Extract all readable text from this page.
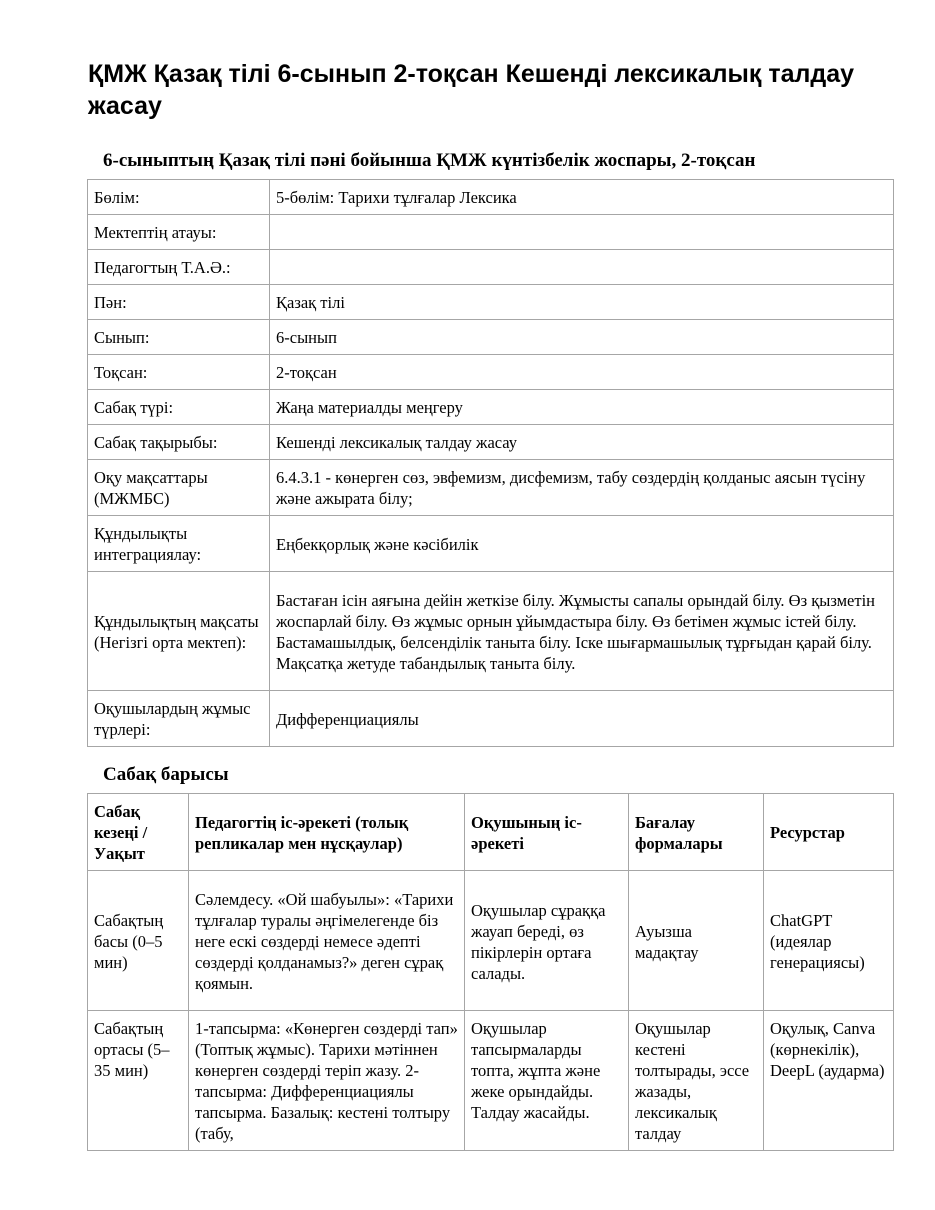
ҚМЖ Қазақ тілі 6-сынып 2-тоқсан Кешенді лексикалық талдау жасау
6-сыныптың Қазақ тілі пәні бойынша ҚМЖ күнтізбелік жоспары, 2-тоқсан
Бөлім:	5-бөлім: Тарихи тұлғалар Лексика
Мектептің атауы:	
Педагогтың Т.А.Ә.:	
Пән:	Қазақ тілі
Сынып:	6-сынып
Тоқсан:	2-тоқсан
Сабақ түрі:	Жаңа материалды меңгеру
Сабақ тақырыбы:	Кешенді лексикалық талдау жасау
Оқу мақсаттары (МЖМБС)	6.4.3.1 - көнерген сөз, эвфемизм, дисфемизм, табу сөздердің қолданыс аясын түсіну және ажырата білу;
Құндылықты интеграциялау:	Еңбекқорлық және кәсібилік
Құндылықтың мақсаты (Негізгі орта мектеп):	Бастаған ісін аяғына дейін жеткізе білу. Жұмысты сапалы орындай білу. Өз қызметін жоспарлай білу. Өз жұмыс орнын ұйымдастыра білу. Өз бетімен жұмыс істей білу. Бастамашылдық, белсенділік таныта білу. Іске шығармашылық тұрғыдан қарай білу. Мақсатқа жетуде табандылық таныта білу.
Оқушылардың жұмыс түрлері:	Дифференциациялы
Сабақ барысы
Сабақ кезеңі / Уақыт	Педагогтің іс-әрекеті (толық репликалар мен нұсқаулар)	Оқушының іс-әрекеті	Бағалау формалары	Ресурстар
Сабақтың басы (0–5 мин)	Сәлемдесу. «Ой шабуылы»: «Тарихи тұлғалар туралы әңгімелегенде біз неге ескі сөздерді немесе әдепті сөздерді қолданамыз?» деген сұрақ қоямын.	Оқушылар сұраққа жауап береді, өз пікірлерін ортаға салады.	Ауызша мадақтау	ChatGPT (идеялар генерациясы)
Сабақтың ортасы (5–35 мин)	1-тапсырма: «Көнерген сөздерді тап» (Топтық жұмыс). Тарихи мәтіннен көнерген сөздерді теріп жазу. 2-тапсырма: Дифференциациялы тапсырма. Базалық: кестені толтыру (табу,	Оқушылар тапсырмаларды топта, жұпта және жеке орындайды. Талдау жасайды.	Оқушылар кестені толтырады, эссе жазады, лексикалық талдау	Оқулық, Canva (көрнекілік), DeepL (аударма)
